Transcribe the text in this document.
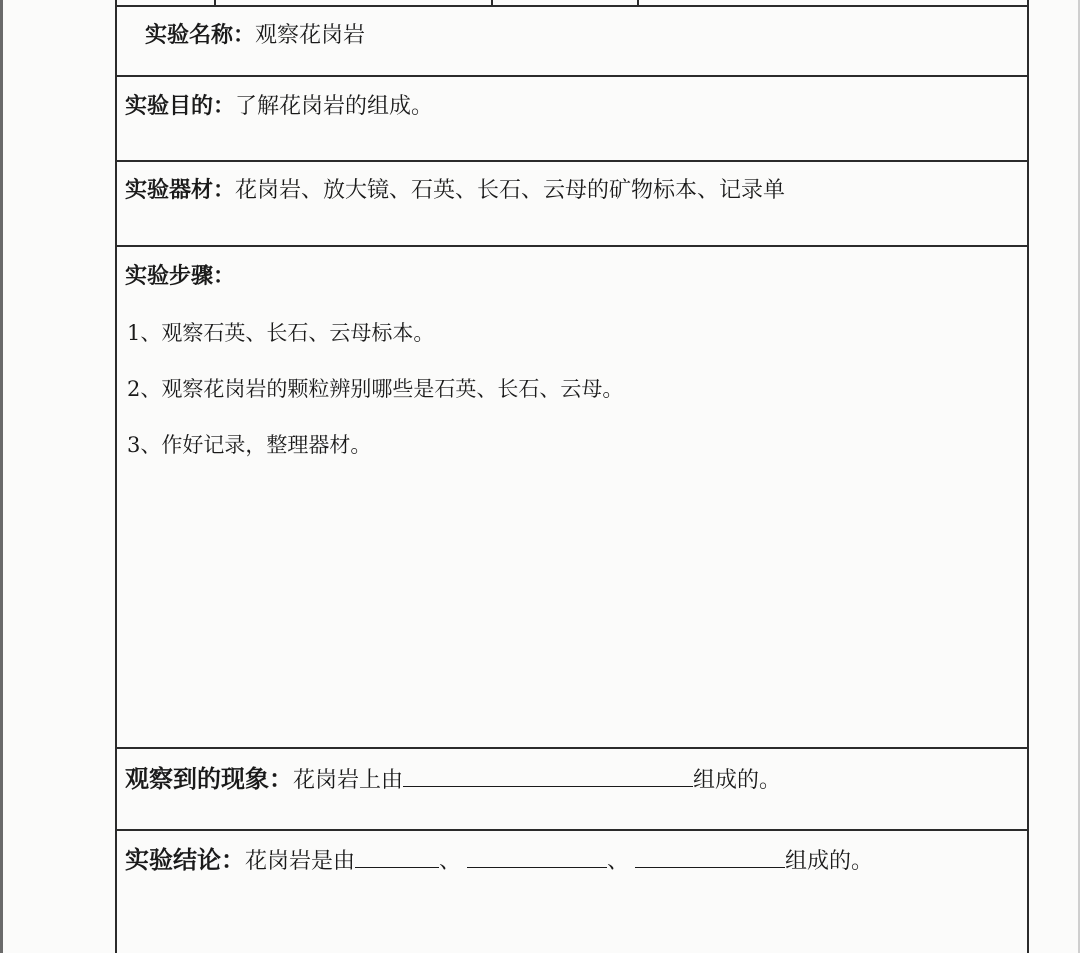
实验名称：观察花岗岩
实验目的：了解花岗岩的组成。
实验器材：花岗岩、放大镜、石英、长石、云母的矿物标本、记录单
实验步骤：
1、观察石英、长石、云母标本。
2、观察花岗岩的颗粒辨别哪些是石英、长石、云母。
3、作好记录，整理器材。
观察到的现象：花岗岩上由	组成的。
实验结论：花岗岩是由	、	、	组成的。
